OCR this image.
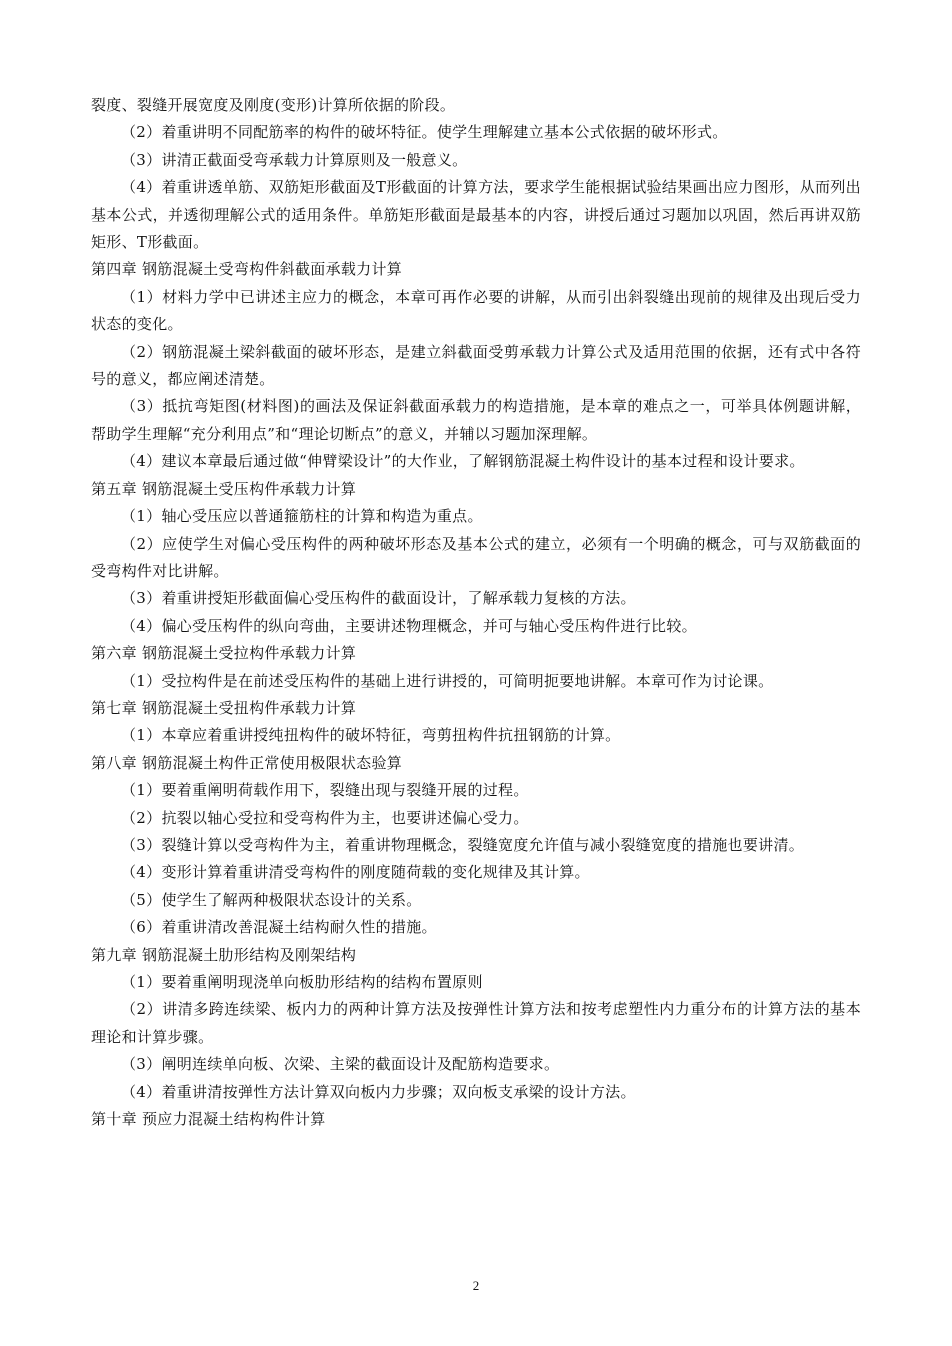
裂度、裂缝开展宽度及刚度(变形)计算所依据的阶段。

（2）着重讲明不同配筋率的构件的破坏特征。使学生理解建立基本公式依据的破坏形式。

（3）讲清正截面受弯承载力计算原则及一般意义。

（4）着重讲透单筋、双筋矩形截面及T形截面的计算方法，要求学生能根据试验结果画出应力图形，从而列出基本公式，并透彻理解公式的适用条件。单筋矩形截面是最基本的内容，讲授后通过习题加以巩固，然后再讲双筋矩形、T形截面。

第四章 钢筋混凝土受弯构件斜截面承载力计算

（1）材料力学中已讲述主应力的概念，本章可再作必要的讲解，从而引出斜裂缝出现前的规律及出现后受力状态的变化。

（2）钢筋混凝土梁斜截面的破坏形态，是建立斜截面受剪承载力计算公式及适用范围的依据，还有式中各符号的意义，都应阐述清楚。

（3）抵抗弯矩图(材料图)的画法及保证斜截面承载力的构造措施，是本章的难点之一，可举具体例题讲解，帮助学生理解“充分利用点”和“理论切断点”的意义，并辅以习题加深理解。

（4）建议本章最后通过做“伸臂梁设计”的大作业，了解钢筋混凝土构件设计的基本过程和设计要求。

第五章 钢筋混凝土受压构件承载力计算

（1）轴心受压应以普通箍筋柱的计算和构造为重点。

（2）应使学生对偏心受压构件的两种破坏形态及基本公式的建立，必须有一个明确的概念，可与双筋截面的受弯构件对比讲解。

（3）着重讲授矩形截面偏心受压构件的截面设计，了解承载力复核的方法。

（4）偏心受压构件的纵向弯曲，主要讲述物理概念，并可与轴心受压构件进行比较。

第六章 钢筋混凝土受拉构件承载力计算

（1）受拉构件是在前述受压构件的基础上进行讲授的，可简明扼要地讲解。本章可作为讨论课。

第七章 钢筋混凝土受扭构件承载力计算

（1）本章应着重讲授纯扭构件的破坏特征，弯剪扭构件抗扭钢筋的计算。

第八章 钢筋混凝土构件正常使用极限状态验算

（1）要着重阐明荷载作用下，裂缝出现与裂缝开展的过程。

（2）抗裂以轴心受拉和受弯构件为主，也要讲述偏心受力。

（3）裂缝计算以受弯构件为主，着重讲物理概念，裂缝宽度允许值与减小裂缝宽度的措施也要讲清。

（4）变形计算着重讲清受弯构件的刚度随荷载的变化规律及其计算。

（5）使学生了解两种极限状态设计的关系。

（6）着重讲清改善混凝土结构耐久性的措施。

第九章 钢筋混凝土肋形结构及刚架结构

（1）要着重阐明现浇单向板肋形结构的结构布置原则

（2）讲清多跨连续梁、板内力的两种计算方法及按弹性计算方法和按考虑塑性内力重分布的计算方法的基本理论和计算步骤。

（3）阐明连续单向板、次梁、主梁的截面设计及配筋构造要求。

（4）着重讲清按弹性方法计算双向板内力步骤；双向板支承梁的设计方法。

第十章 预应力混凝土结构构件计算

2
